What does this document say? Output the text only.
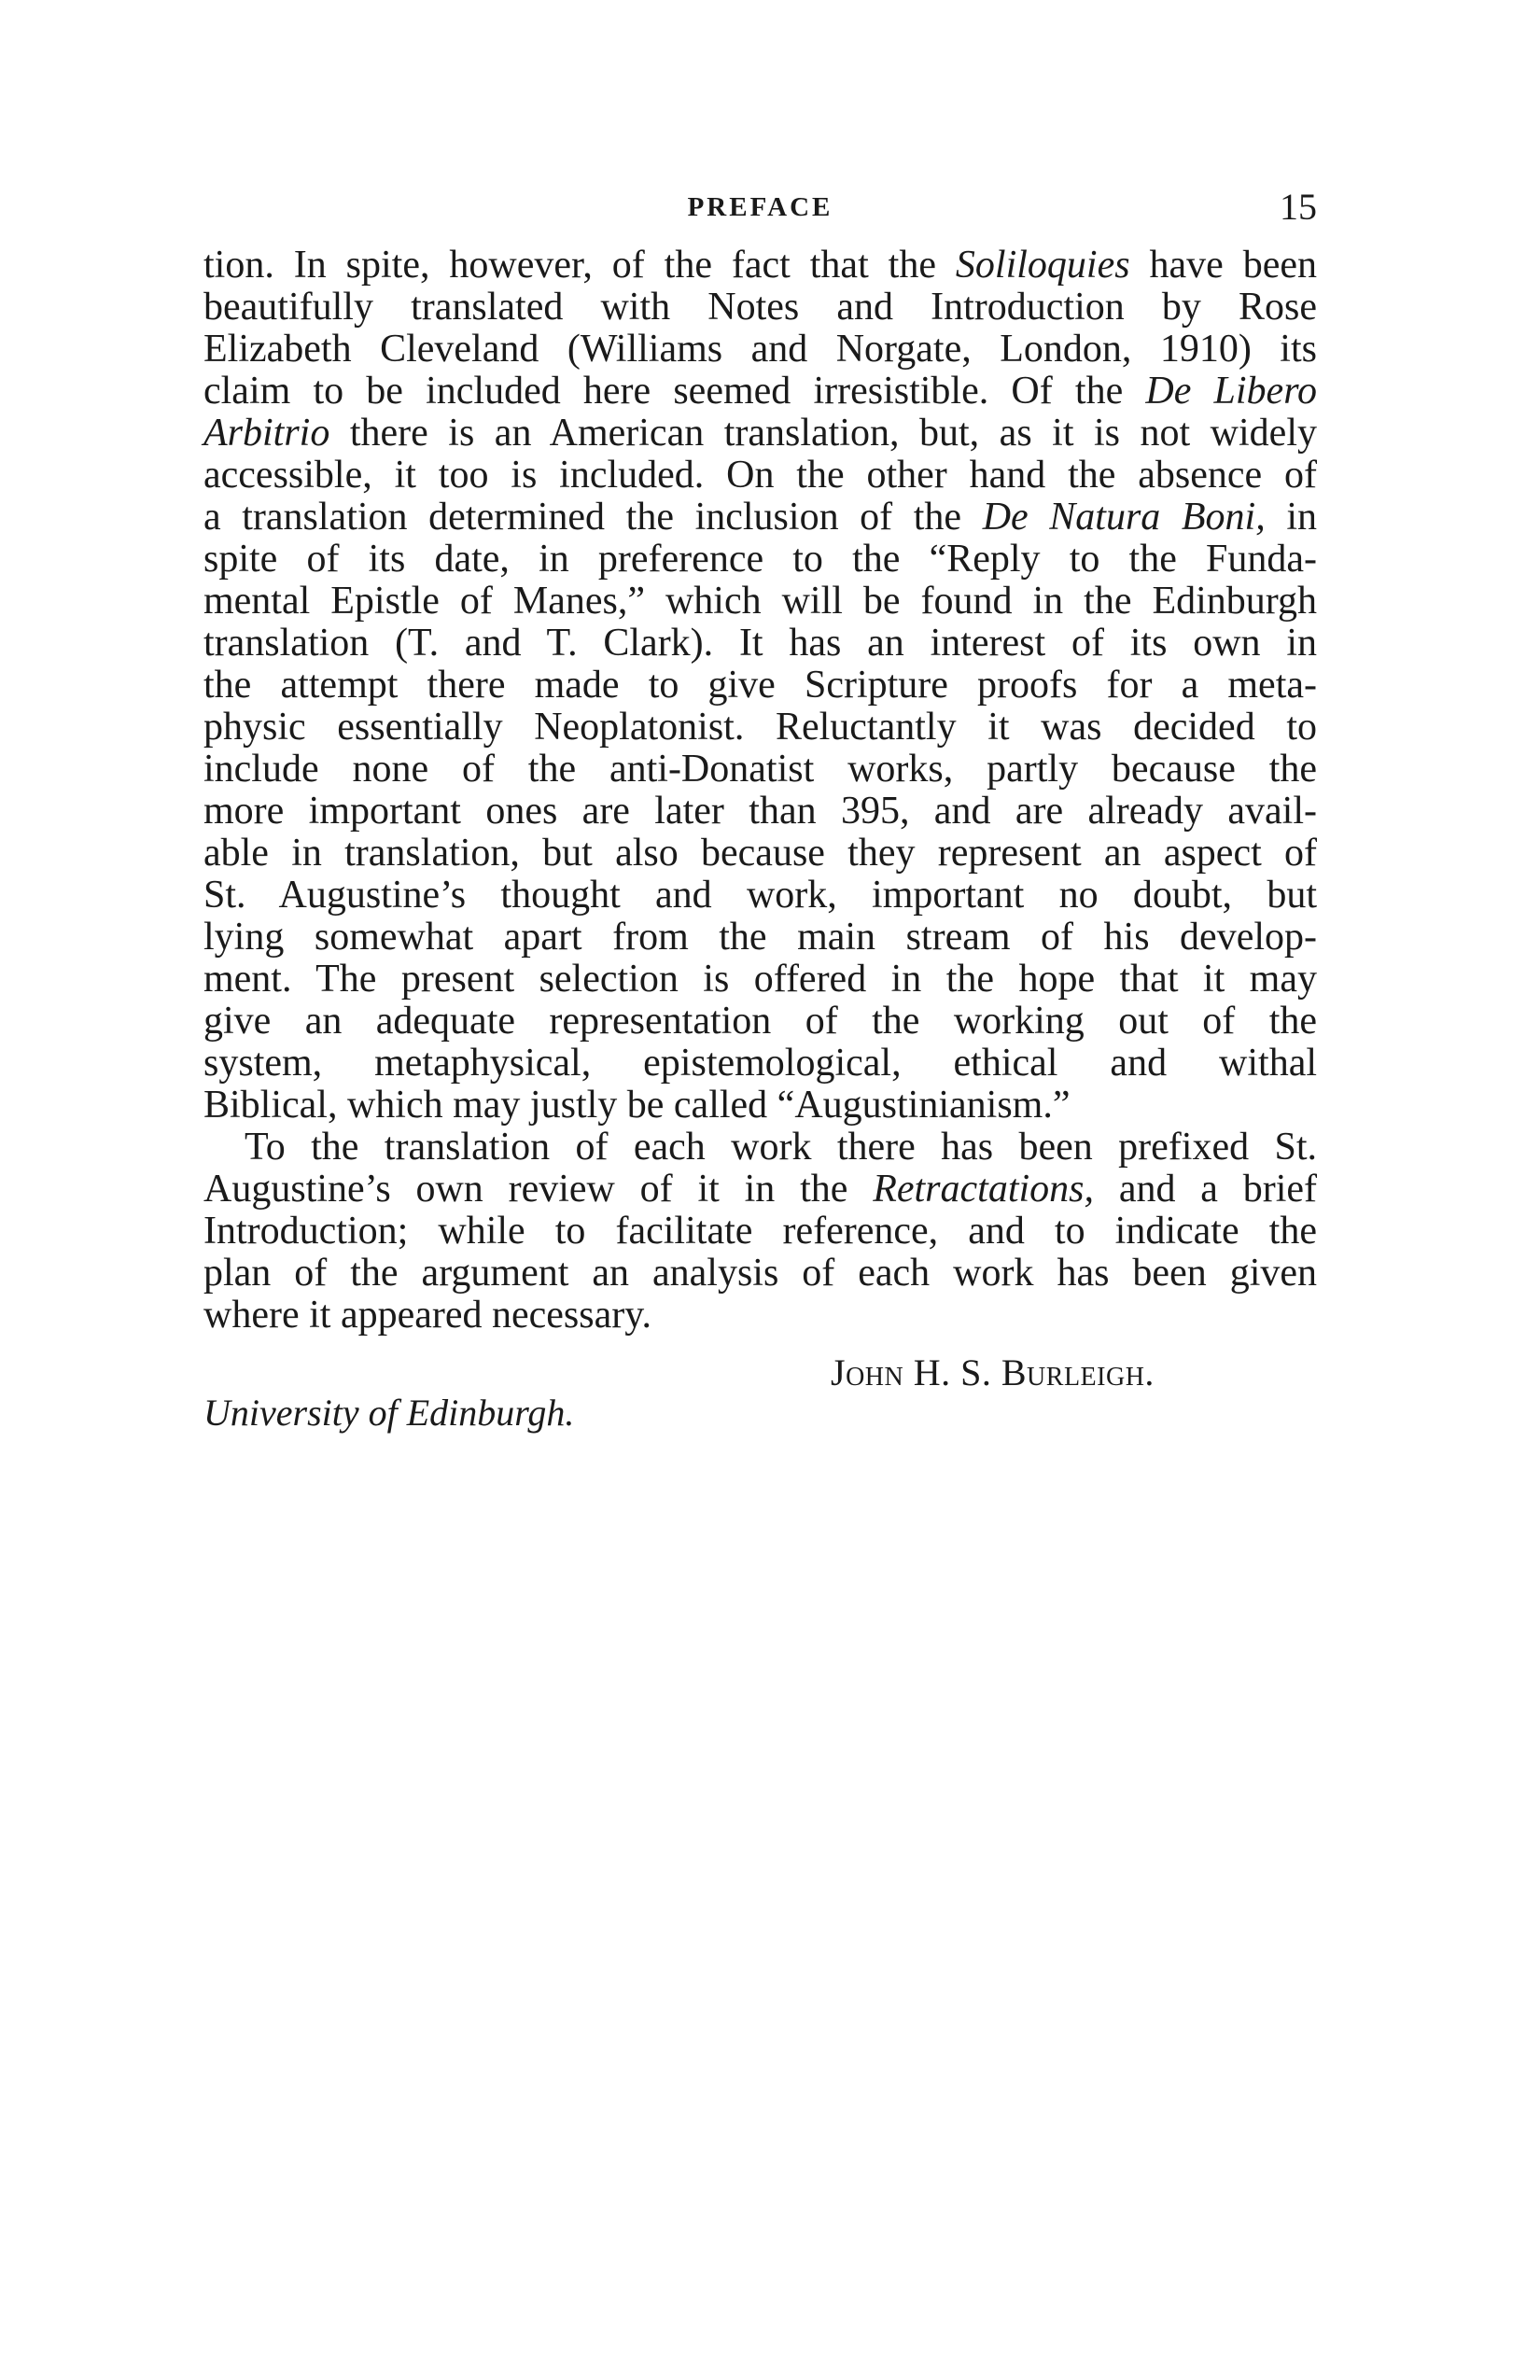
PREFACE	15
tion. In spite, however, of the fact that the Soliloquies have been
beautifully translated with Notes and Introduction by Rose
Elizabeth Cleveland (Williams and Norgate, London, 1910) its
claim to be included here seemed irresistible. Of the De Libero
Arbitrio there is an American translation, but, as it is not widely
accessible, it too is included. On the other hand the absence of
a translation determined the inclusion of the De Natura Boni, in
spite of its date, in preference to the “Reply to the Funda-
mental Epistle of Manes,” which will be found in the Edinburgh
translation (T. and T. Clark). It has an interest of its own in
the attempt there made to give Scripture proofs for a meta-
physic essentially Neoplatonist. Reluctantly it was decided to
include none of the anti-Donatist works, partly because the
more important ones are later than 395, and are already avail-
able in translation, but also because they represent an aspect of
St. Augustine’s thought and work, important no doubt, but
lying somewhat apart from the main stream of his develop-
ment. The present selection is offered in the hope that it may
give an adequate representation of the working out of the
system, metaphysical, epistemological, ethical and withal
Biblical, which may justly be called “Augustinianism.”
To the translation of each work there has been prefixed St.
Augustine’s own review of it in the Retractations, and a brief
Introduction; while to facilitate reference, and to indicate the
plan of the argument an analysis of each work has been given
where it appeared necessary.
John H. S. Burleigh.
University of Edinburgh.
